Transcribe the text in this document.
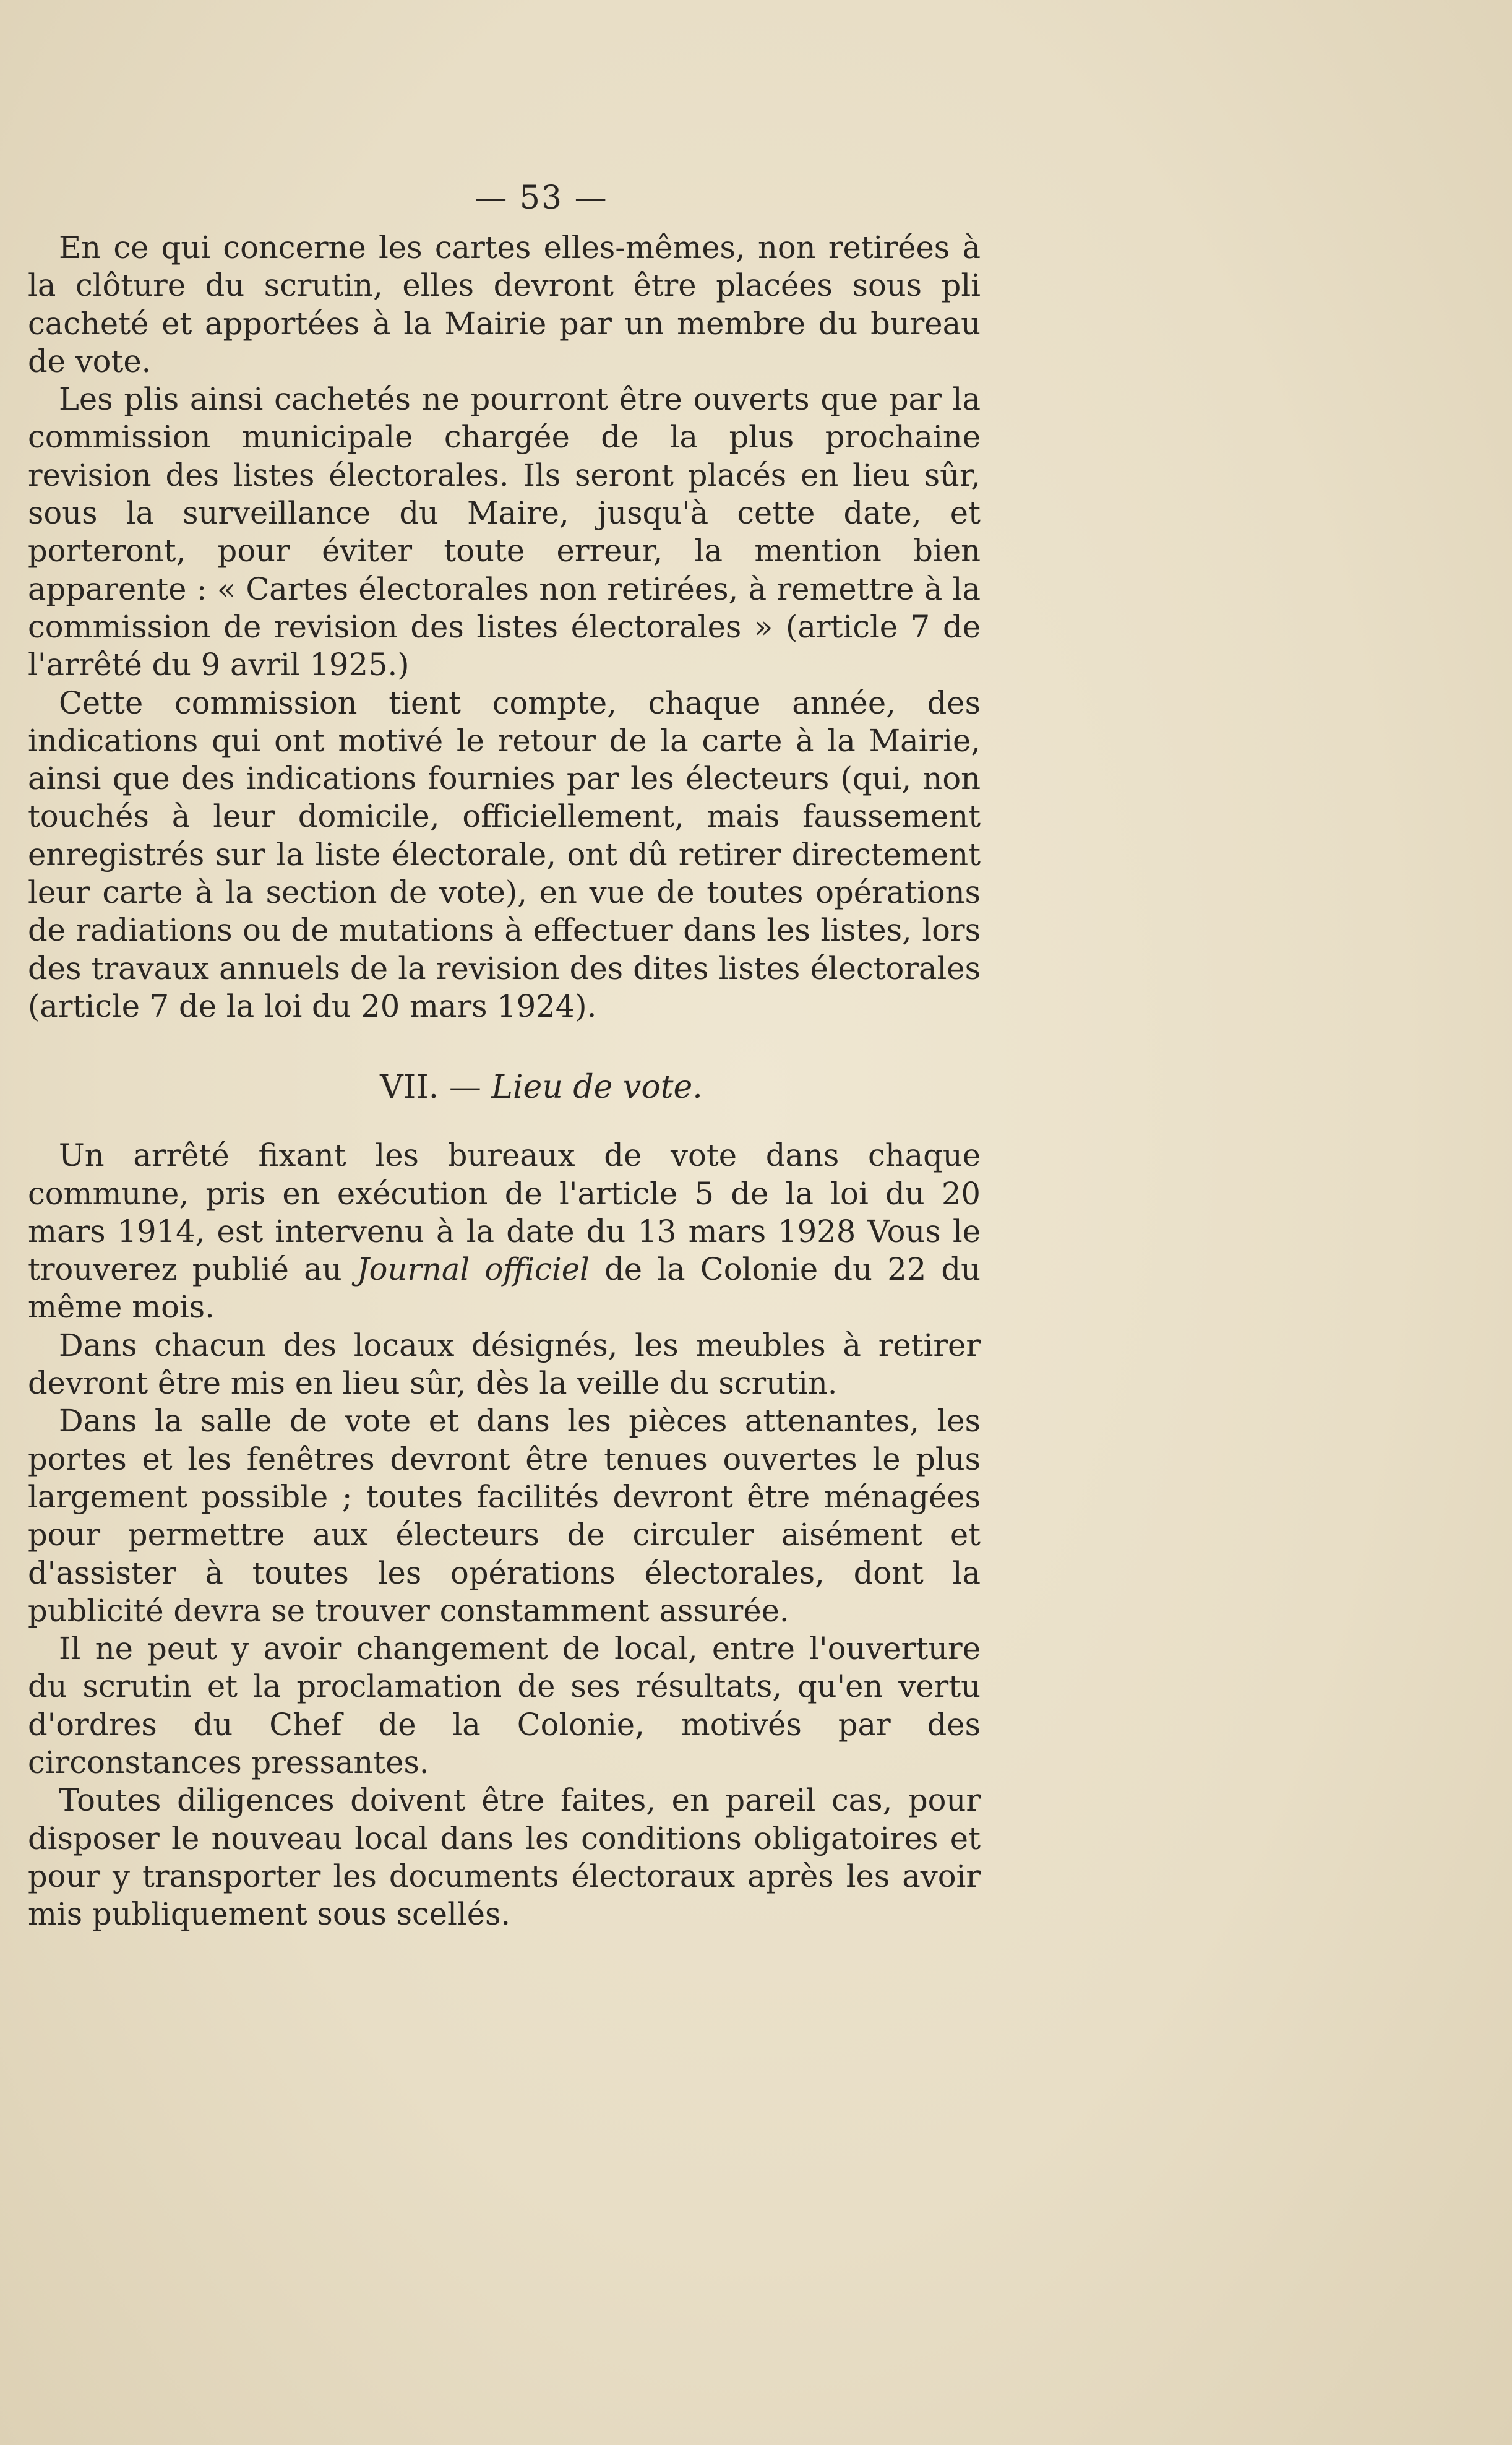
— 53 —

En ce qui concerne les cartes elles-mêmes, non retirées à la clôture du scrutin, elles devront être placées sous pli cacheté et apportées à la Mairie par un membre du bureau de vote.

Les plis ainsi cachetés ne pourront être ouverts que par la commission municipale chargée de la plus prochaine revision des listes électorales. Ils seront placés en lieu sûr, sous la surveillance du Maire, jusqu'à cette date, et porteront, pour éviter toute erreur, la mention bien apparente : « Cartes électorales non retirées, à remettre à la commission de revision des listes électorales » (article 7 de l'arrêté du 9 avril 1925.)

Cette commission tient compte, chaque année, des indications qui ont motivé le retour de la carte à la Mairie, ainsi que des indications fournies par les électeurs (qui, non touchés à leur domicile, officiellement, mais faussement enregistrés sur la liste électorale, ont dû retirer directement leur carte à la section de vote), en vue de toutes opérations de radiations ou de mutations à effectuer dans les listes, lors des travaux annuels de la revision des dites listes électorales (article 7 de la loi du 20 mars 1924).

VII. — Lieu de vote.

Un arrêté fixant les bureaux de vote dans chaque commune, pris en exécution de l'article 5 de la loi du 20 mars 1914, est intervenu à la date du 13 mars 1928 Vous le trouverez publié au Journal officiel de la Colonie du 22 du même mois.

Dans chacun des locaux désignés, les meubles à retirer devront être mis en lieu sûr, dès la veille du scrutin.

Dans la salle de vote et dans les pièces attenantes, les portes et les fenêtres devront être tenues ouvertes le plus largement possible ; toutes facilités devront être ménagées pour permettre aux électeurs de circuler aisément et d'assister à toutes les opérations électorales, dont la publicité devra se trouver constamment assurée.

Il ne peut y avoir changement de local, entre l'ouverture du scrutin et la proclamation de ses résultats, qu'en vertu d'ordres du Chef de la Colonie, motivés par des circonstances pressantes.

Toutes diligences doivent être faites, en pareil cas, pour disposer le nouveau local dans les conditions obligatoires et pour y transporter les documents électoraux après les avoir mis publiquement sous scellés.
